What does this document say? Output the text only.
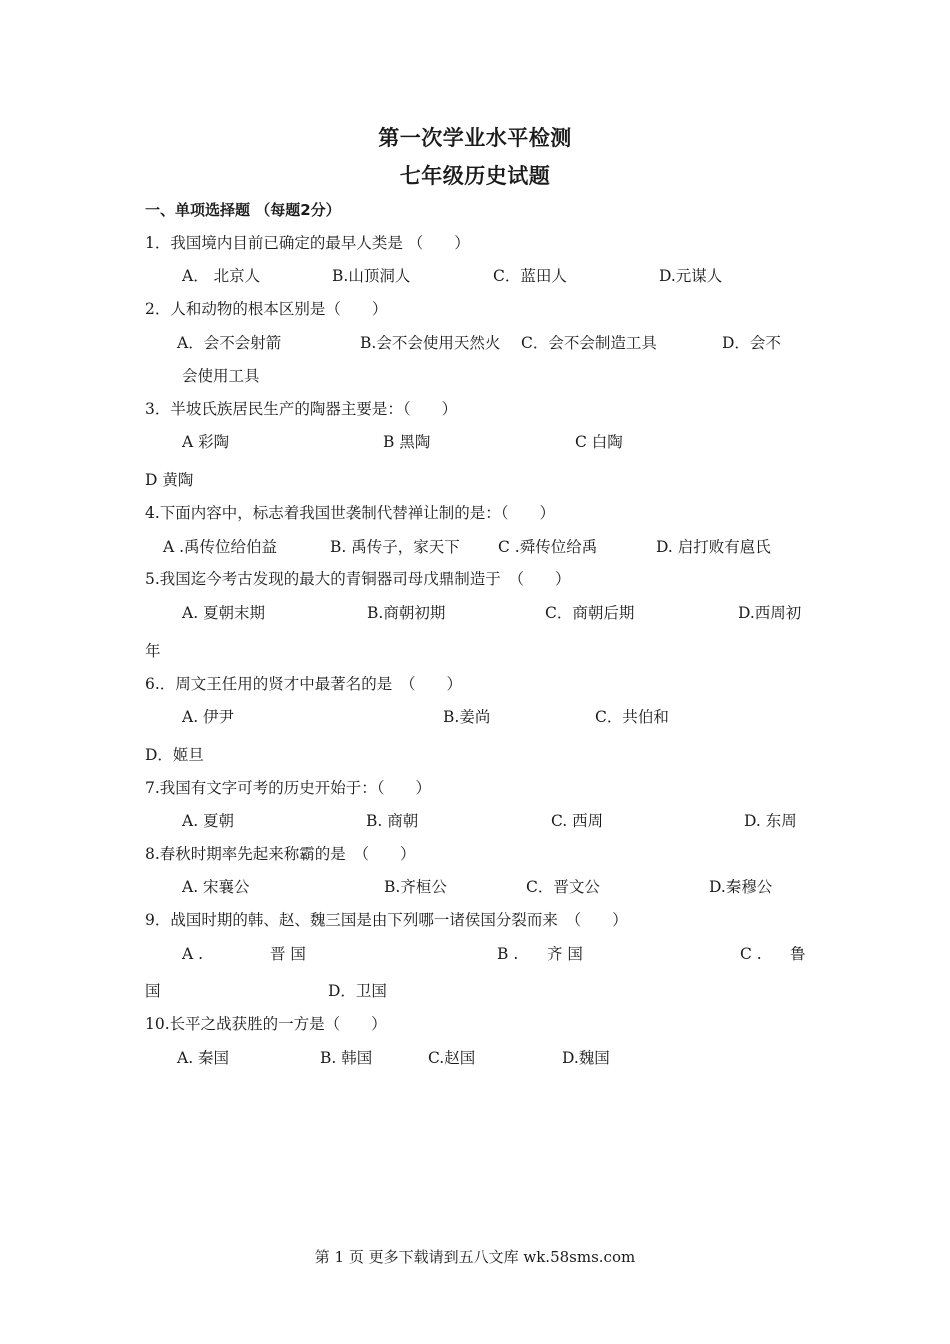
第一次学业水平检测
七年级历史试题
一、单项选择题 （每题2分）
1．我国境内目前已确定的最早人类是 （　　）
A． 北京人	B.山顶洞人	C．蓝田人	D.元谋人
2．人和动物的根本区别是（　　）
A．会不会射箭	B.会不会使用天然火 C．会不会制造工具	D．会不
会使用工具
3．半坡氏族居民生产的陶器主要是：（　　）
A 彩陶	B 黑陶	C 白陶
D 黄陶
4.下面内容中，标志着我国世袭制代替禅让制的是：（　　）
A .禹传位给伯益	B. 禹传子，家天下 C .舜传位给禹	D. 启打败有扈氏
5.我国迄今考古发现的最大的青铜器司母戊鼎制造于　（　　）
A. 夏朝末期	B.商朝初期	C．商朝后期	D.西周初
年
6.．周文王任用的贤才中最著名的是　（　　）
A. 伊尹	B.姜尚	C．共伯和
D．姬旦
7.我国有文字可考的历史开始于：（　　）
A. 夏朝	B. 商朝	C. 西周	D. 东周
8.春秋时期率先起来称霸的是　（　　）
A. 宋襄公	B.齐桓公	C．晋文公	D.秦穆公
9．战国时期的韩、赵、魏三国是由下列哪一诸侯国分裂而来　（　　）
A .	晋 国	B . 齐 国	C . 鲁
国	D．卫国
10.长平之战获胜的一方是（　　）
A. 秦国	B. 韩国	C.赵国	D.魏国
第 1 页 更多下载请到五八文库 wk.58sms.com
